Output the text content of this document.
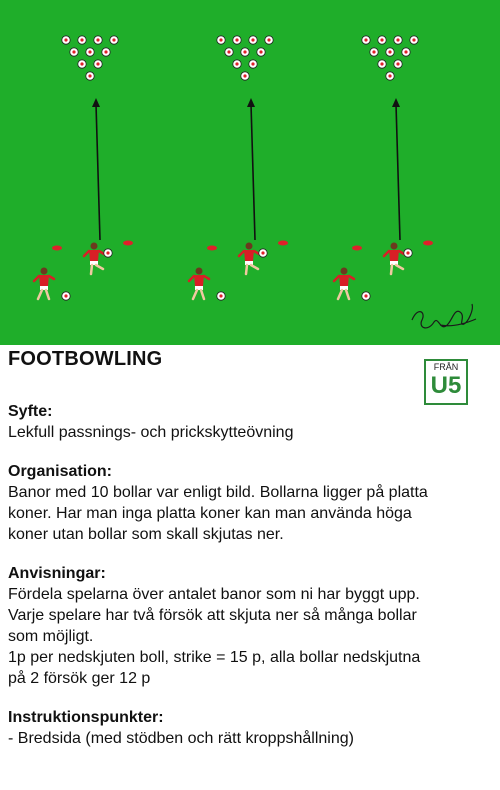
FRÅN
U5
FOOTBOWLING

Syfte:

Lekfull passnings- och prickskytteövning

Organisation:

Banor med 10 bollar var enligt bild. Bollarna ligger på platta

koner. Har man inga platta koner kan man använda höga

koner utan bollar som skall skjutas ner.

Anvisningar:

Fördela spelarna över antalet banor som ni har byggt upp.

Varje spelare har två försök att skjuta ner så många bollar

som möjligt.

1p per nedskjuten boll, strike = 15 p, alla bollar nedskjutna

på 2 försök ger 12 p

Instruktionspunkter:

- Bredsida (med stödben och rätt kroppshållning)
